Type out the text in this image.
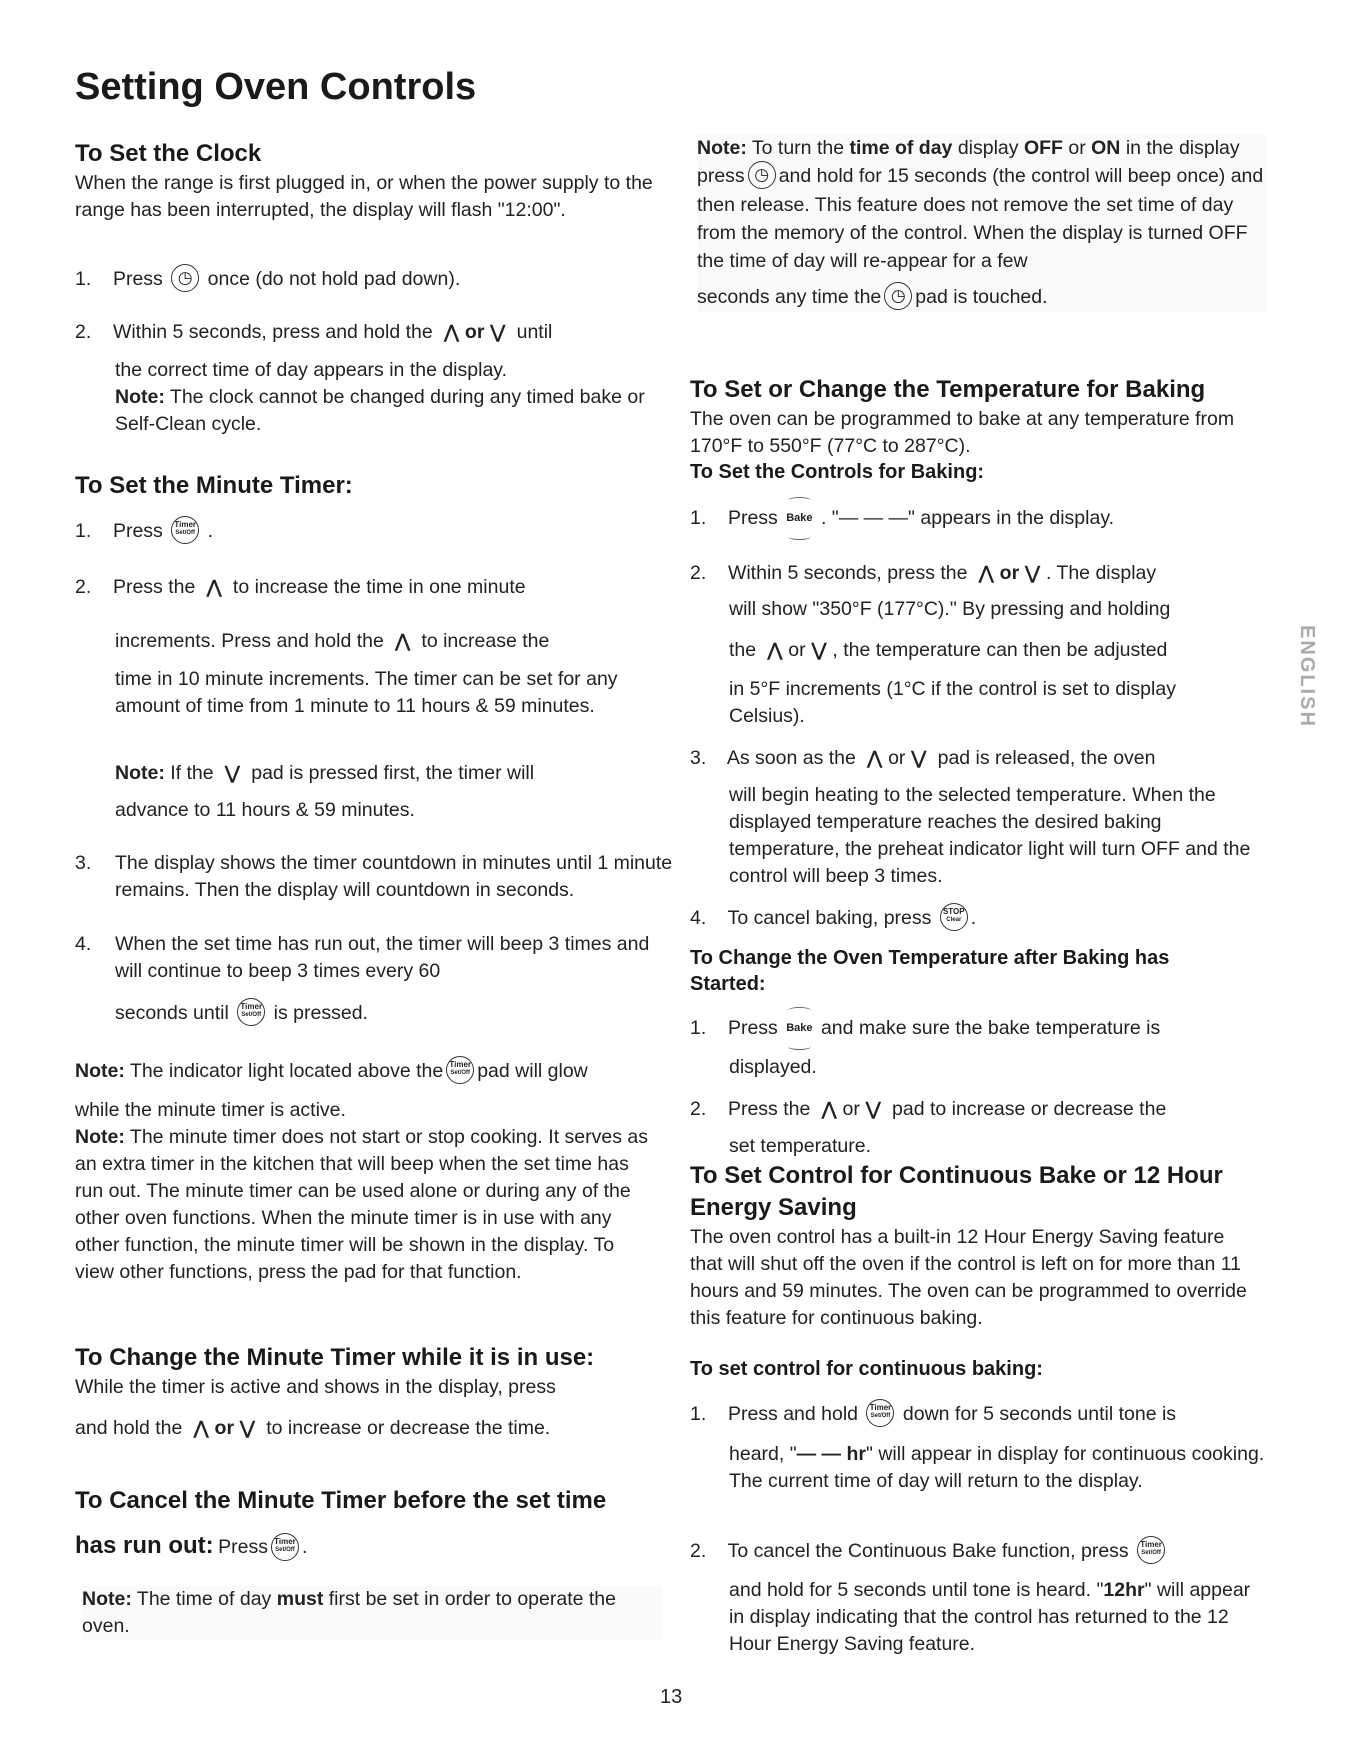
Setting Oven Controls
To Set the Clock

When the range is first plugged in, or when the power supply to the range has been interrupted, the display will flash "12:00".

1. Press ◷ once (do not hold pad down).
2. Within 5 seconds, press and hold the ⋀ or ⋁ until

the correct time of day appears in the display.

Note: The clock cannot be changed during any timed bake or Self-Clean cycle.

To Set the Minute Timer:
1. Press Timer
Set/Off .
2. Press the ⋀ to increase the time in one minute
increments. Press and hold the ⋀ to increase the

time in 10 minute increments. The timer can be set for any amount of time from 1 minute to 11 hours & 59 minutes.

Note: If the ⋁ pad is pressed first, the timer will

advance to 11 hours & 59 minutes.

3. The display shows the timer countdown in minutes until 1 minute remains. Then the display will countdown in seconds.
4. When the set time has run out, the timer will beep 3 times and will continue to beep 3 times every 60
seconds until Timer
Set/Off is pressed.
Note: The indicator light located above the Timer
Set/Off pad will glow

while the minute timer is active.

Note: The minute timer does not start or stop cooking. It serves as an extra timer in the kitchen that will beep when the set time has run out. The minute timer can be used alone or during any of the other oven functions. When the minute timer is in use with any other function, the minute timer will be shown in the display. To view other functions, press the pad for that function.

To Change the Minute Timer while it is in use:

While the timer is active and shows in the display, press

and hold the ⋀ or ⋁ to increase or decrease the time.
To Cancel the Minute Timer before the set time
has run out: Press Timer
Set/Off .

Note: The time of day must first be set in order to operate the oven.

Note: To turn the time of day display OFF or ON in the display press ◷ and hold for 15 seconds (the control will beep once) and then release. This feature does not remove the set time of day from the memory of the control. When the display is turned OFF the time of day will re-appear for a few
seconds any time the ◷ pad is touched.
To Set or Change the Temperature for Baking

The oven can be programmed to bake at any temperature from 170°F to 550°F (77°C to 287°C).

To Set the Controls for Baking:
1. Press Bake . "— — —" appears in the display.
2. Within 5 seconds, press the ⋀ or ⋁ . The display

will show "350°F (177°C)." By pressing and holding

the ⋀ or ⋁ , the temperature can then be adjusted

in 5°F increments (1°C if the control is set to display Celsius).

3. As soon as the ⋀ or ⋁ pad is released, the oven

will begin heating to the selected temperature. When the displayed temperature reaches the desired baking temperature, the preheat indicator light will turn OFF and the control will beep 3 times.

4. To cancel baking, press STOP
Clear .
To Change the Oven Temperature after Baking has Started:
1. Press Bake and make sure the bake temperature is

displayed.

2. Press the ⋀ or ⋁ pad to increase or decrease the

set temperature.

To Set Control for Continuous Bake or 12 Hour Energy Saving

The oven control has a built-in 12 Hour Energy Saving feature that will shut off the oven if the control is left on for more than 11 hours and 59 minutes. The oven can be programmed to override this feature for continuous baking.

To set control for continuous baking:
1. Press and hold Timer
Set/Off down for 5 seconds until tone is

heard, "— — hr" will appear in display for continuous cooking. The current time of day will return to the display.

2. To cancel the Continuous Bake function, press Timer
Set/Off

and hold for 5 seconds until tone is heard. "12hr" will appear in display indicating that the control has returned to the 12 Hour Energy Saving feature.

ENGLISH
13
